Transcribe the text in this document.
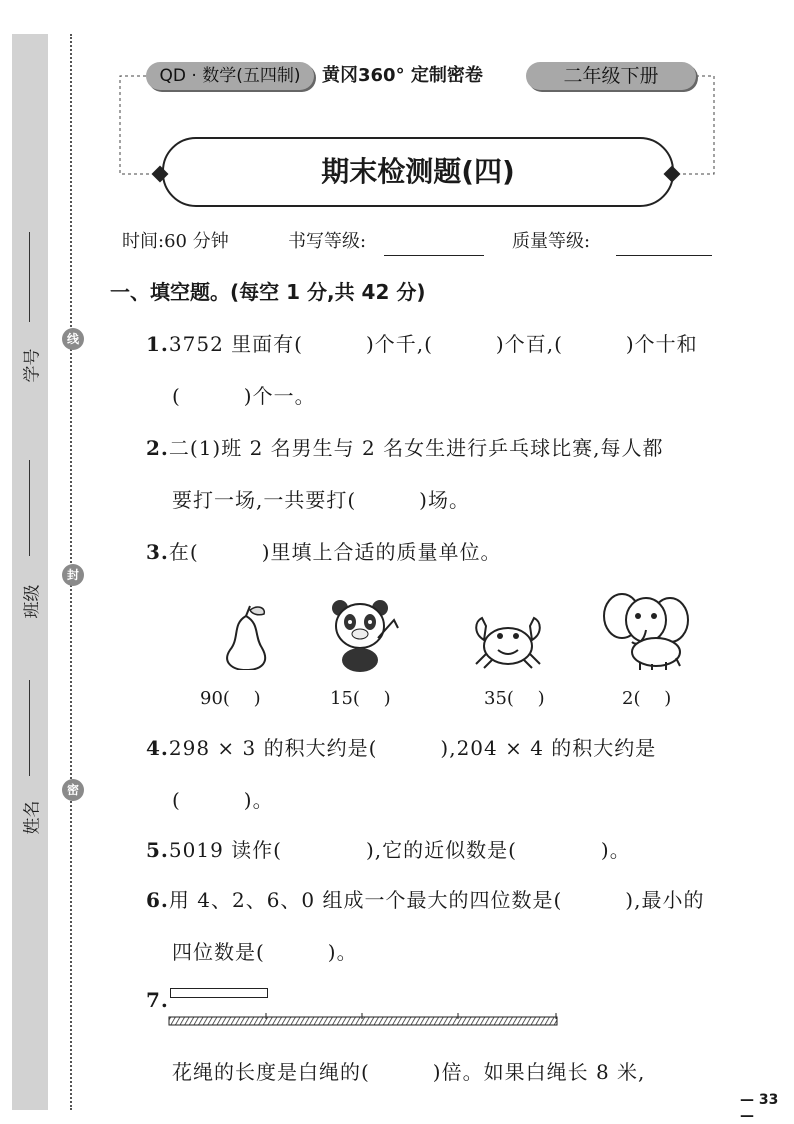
学号
班级
姓名
线
封
密
QD · 数学(五四制)	黄冈360° 定制密卷	二年级下册
期末检测题(四)
时间:60 分钟	书写等级:	质量等级:
一、填空题。(每空 1 分,共 42 分)
1.3752 里面有(　　　)个千,(　　　)个百,(　　　)个十和
(　　　)个一。
2.二(1)班 2 名男生与 2 名女生进行乒乓球比赛,每人都
要打一场,一共要打(　　　)场。
3.在(　　　)里填上合适的质量单位。
90(　 )	15(　 )	35(　 )	2(　 )
4.298 × 3 的积大约是(　　　),204 × 4 的积大约是
(　　　)。
5.5019 读作(　　　　),它的近似数是(　　　　)。
6.用 4、2、6、0 组成一个最大的四位数是(　　　),最小的
四位数是(　　　)。
7.
花绳的长度是白绳的(　　　)倍。如果白绳长 8 米,
— 33 —
